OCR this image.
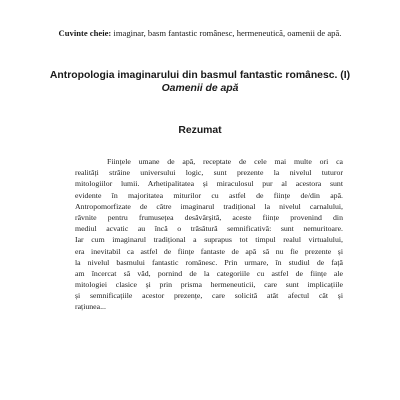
Cuvinte cheie: imaginar, basm fantastic românesc, hermeneutică, oamenii de apă.
Antropologia imaginarului din basmul fantastic românesc. (I)
Oamenii de apă
Rezumat
Ființele umane de apă, receptate de cele mai multe ori ca
realități străine universului logic, sunt prezente la nivelul tuturor
mitologiilor lumii. Arhetipalitatea și miraculosul pur al acestora sunt
evidente în majoritatea miturilor cu astfel de ființe de/din apă.
Antropomorfizate de către imaginarul tradițional la nivelul carnalului,
râvnite pentru frumusețea desăvârșită, aceste ființe provenind din
mediul acvatic au încă o trăsătură semnificativă: sunt nemuritoare.
Iar cum imaginarul tradițional a suprapus tot timpul realul virtualului,
era inevitabil ca astfel de ființe fantaste de apă să nu fie prezente și
la nivelul basmului fantastic românesc. Prin urmare, în studiul de față
am încercat să văd, pornind de la categoriile cu astfel de ființe ale
mitologiei clasice și prin prisma hermeneuticii, care sunt implicațiile
și semnificațiile acestor prezențe, care solicită atât afectul cât și
rațiunea...
